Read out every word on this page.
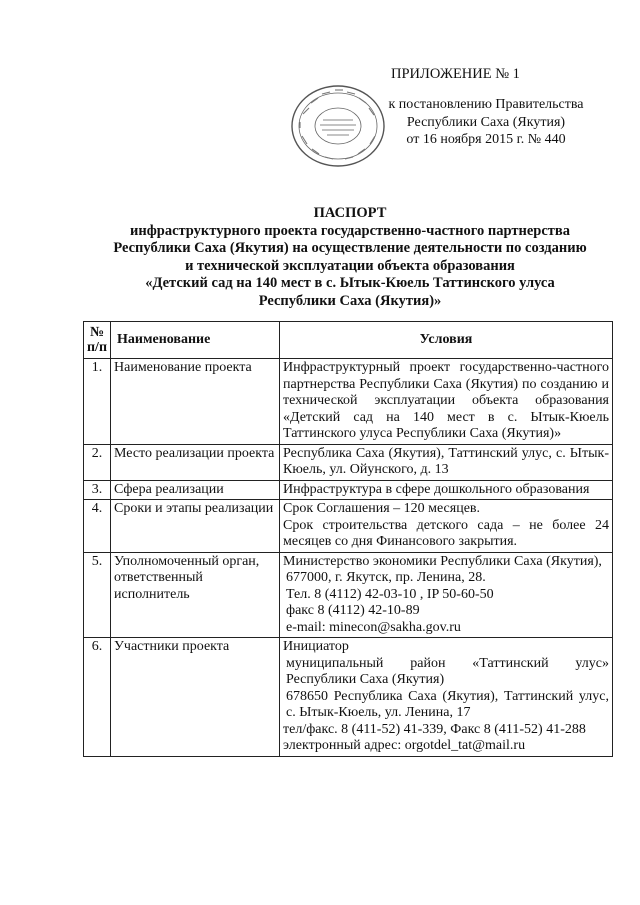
ПРИЛОЖЕНИЕ № 1
к постановлению Правительства
Республики Саха (Якутия)
от 16 ноября 2015 г. № 440
ПАСПОРТ
инфраструктурного проекта государственно-частного партнерства
Республики Саха (Якутия) на осуществление деятельности по созданию
и технической эксплуатации объекта образования
«Детский сад на 140 мест в с. Ытык-Кюель Таттинского улуса
Республики Саха (Якутия)»
№ п/п	Наименование	Условия
1.	Наименование проекта	Инфраструктурный проект государственно-частного партнерства Республики Саха (Якутия) по созданию и технической эксплуатации объекта образования «Детский сад на 140 мест в с. Ытык-Кюель Таттинского улуса Республики Саха (Якутия)»

2.	Место реализации проекта	Республика Саха (Якутия), Таттинский улус, с. Ытык-Кюель, ул. Ойунского, д. 13

3.	Сфера реализации	Инфраструктура в сфере дошкольного образования

4.	Сроки и этапы реализации	Срок Соглашения – 120 месяцев.

Срок строительства детского сада – не более 24 месяцев со дня Финансового закрытия.

5.	Уполномоченный орган, ответственный исполнитель	Министерство экономики Республики Саха (Якутия),

677000, г. Якутск, пр. Ленина, 28.

Тел. 8 (4112) 42-03-10 , IP 50-60-50

факс 8 (4112) 42-10-89

e-mail: minecon@sakha.gov.ru

6.	Участники проекта	Инициатор

муниципальный район «Таттинский улус» Республики Саха (Якутия)

678650 Республика Саха (Якутия), Таттинский улус, с. Ытык-Кюель, ул. Ленина, 17

тел/факс. 8 (411-52) 41-339, Факс 8 (411-52) 41-288

электронный адрес: orgotdel_tat@mail.ru
